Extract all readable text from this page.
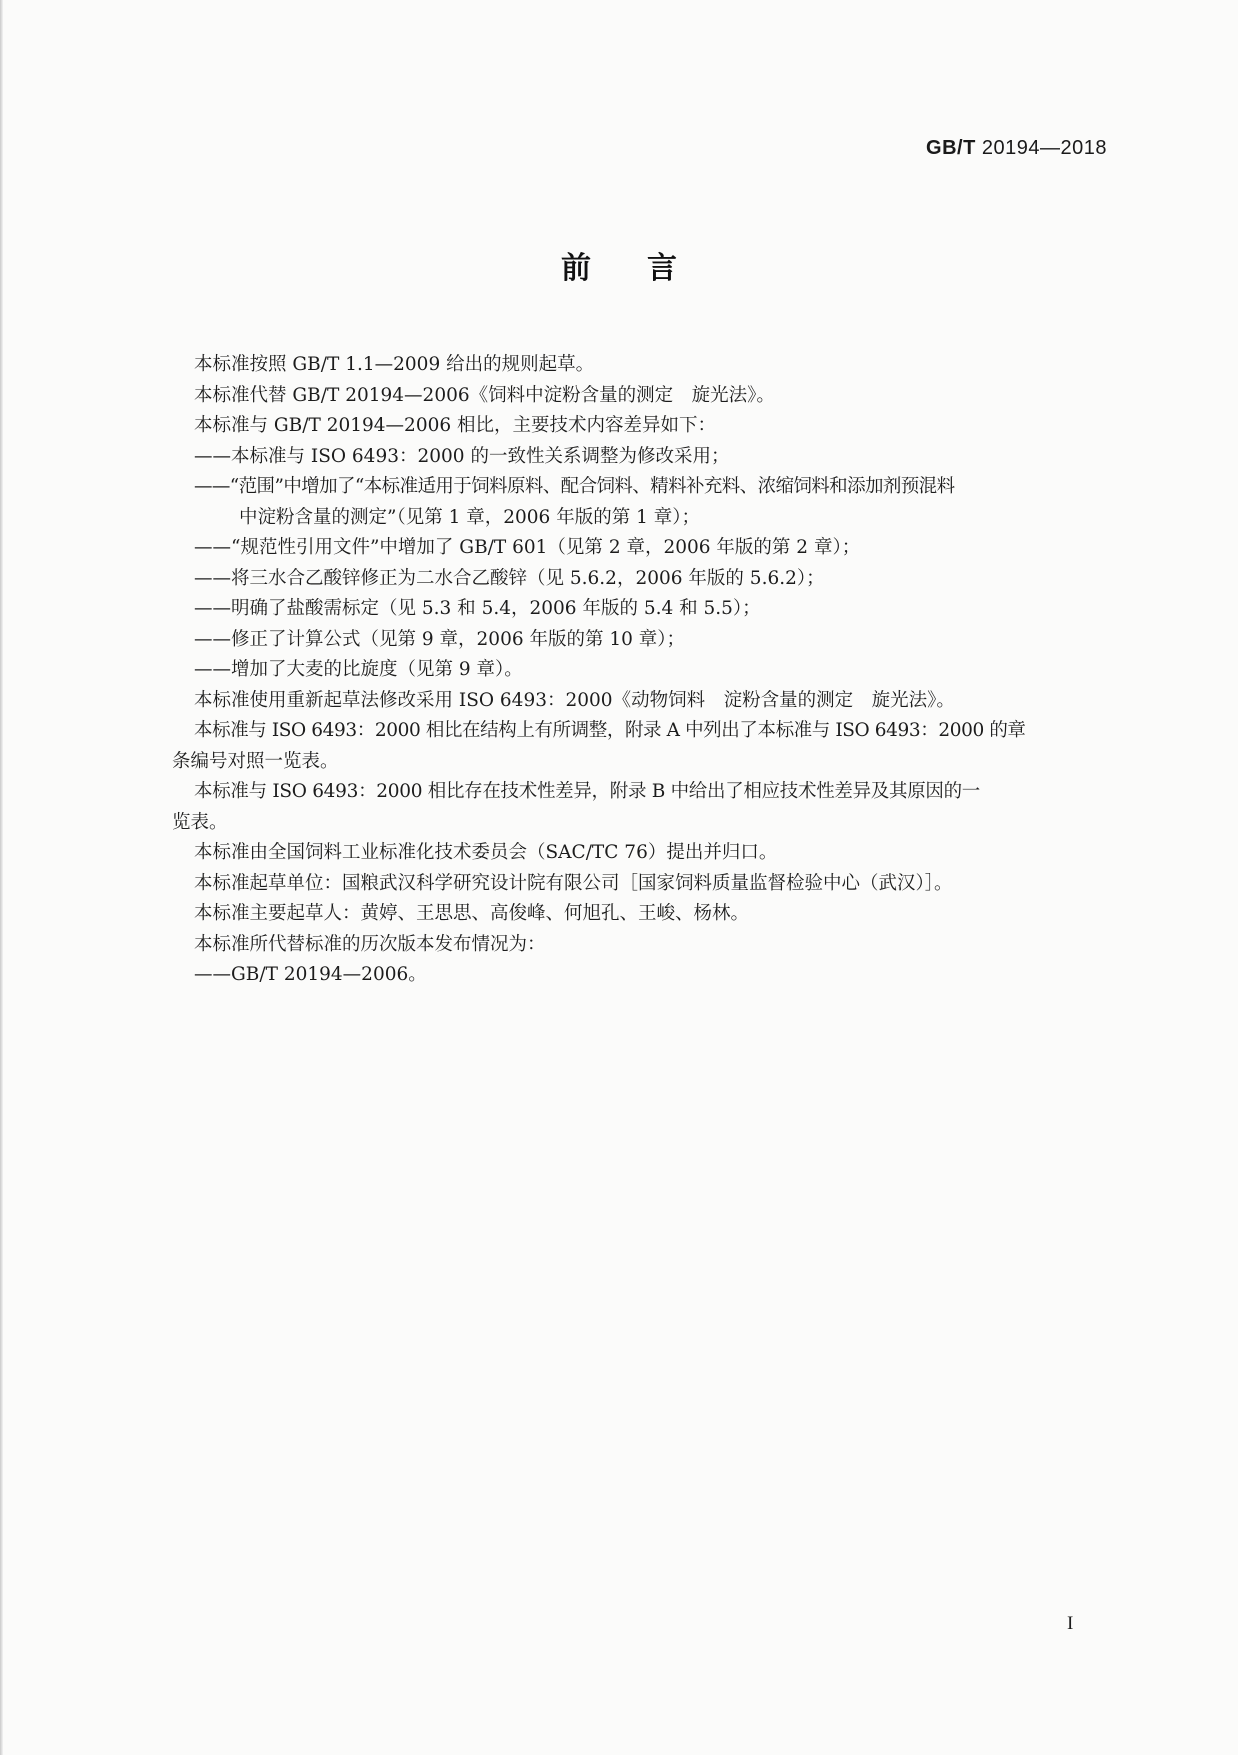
GB/T 20194—2018
前言

本标准按照 GB/T 1.1—2009 给出的规则起草。

本标准代替 GB/T 20194—2006《饲料中淀粉含量的测定　旋光法》。

本标准与 GB/T 20194—2006 相比，主要技术内容差异如下：

——本标准与 ISO 6493：2000 的一致性关系调整为修改采用；

——“范围”中增加了“本标准适用于饲料原料、配合饲料、精料补充料、浓缩饲料和添加剂预混料

中淀粉含量的测定”（见第 1 章，2006 年版的第 1 章）；

——“规范性引用文件”中增加了 GB/T 601（见第 2 章，2006 年版的第 2 章）；

——将三水合乙酸锌修正为二水合乙酸锌（见 5.6.2，2006 年版的 5.6.2）；

——明确了盐酸需标定（见 5.3 和 5.4，2006 年版的 5.4 和 5.5）；

——修正了计算公式（见第 9 章，2006 年版的第 10 章）；

——增加了大麦的比旋度（见第 9 章）。

本标准使用重新起草法修改采用 ISO 6493：2000《动物饲料　淀粉含量的测定　旋光法》。

本标准与 ISO 6493：2000 相比在结构上有所调整，附录 A 中列出了本标准与 ISO 6493：2000 的章

条编号对照一览表。

本标准与 ISO 6493：2000 相比存在技术性差异，附录 B 中给出了相应技术性差异及其原因的一

览表。

本标准由全国饲料工业标准化技术委员会（SAC/TC 76）提出并归口。

本标准起草单位：国粮武汉科学研究设计院有限公司［国家饲料质量监督检验中心（武汉）］。

本标准主要起草人：黄婷、王思思、高俊峰、何旭孔、王峻、杨林。

本标准所代替标准的历次版本发布情况为：

——GB/T 20194—2006。

I
